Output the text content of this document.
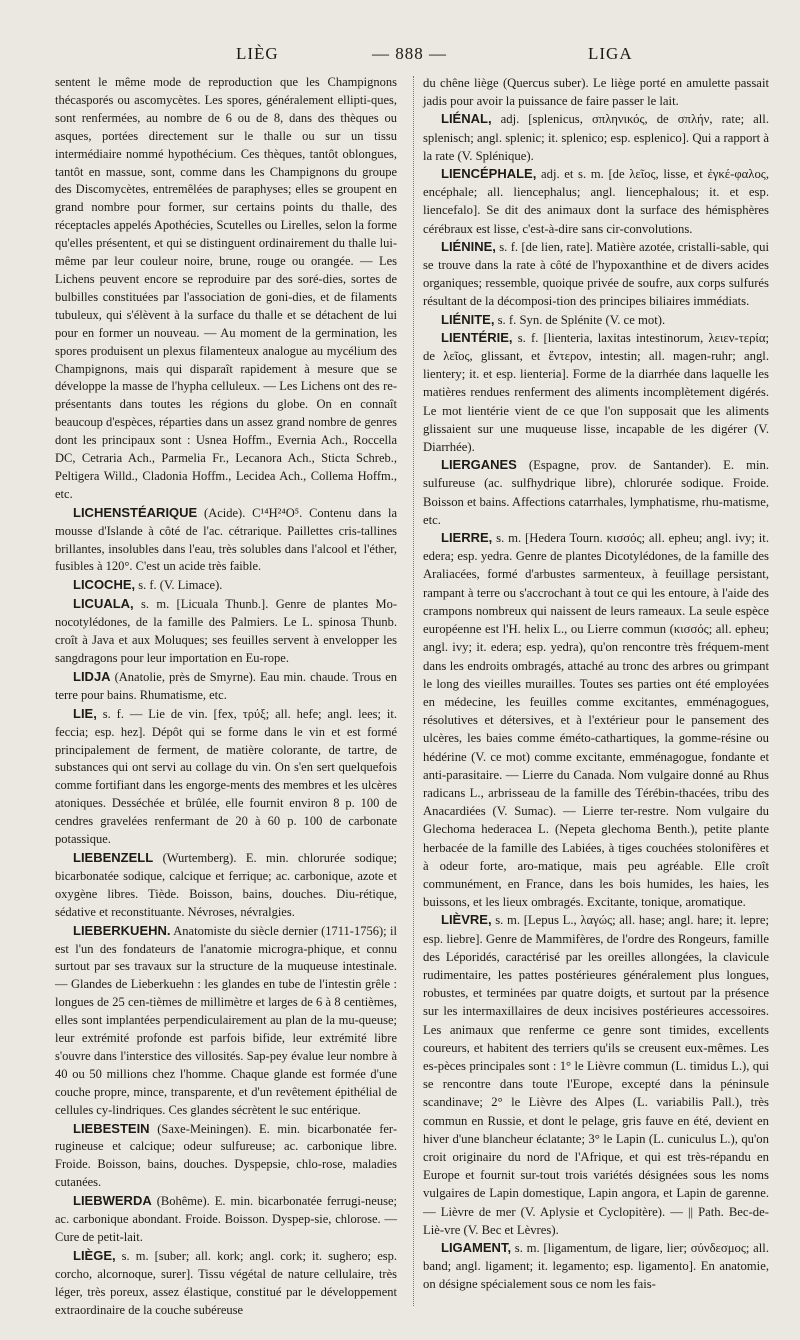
LIÈG	— 888 —	LIGA

sentent le même mode de reproduction que les Champignons thécasporés ou ascomycètes. Les spores, généralement ellipti-ques, sont renfermées, au nombre de 6 ou de 8, dans des thèques ou asques, portées directement sur le thalle ou sur un tissu intermédiaire nommé hypothécium. Ces thèques, tantôt oblongues, tantôt en massue, sont, comme dans les Champignons du groupe des Discomycètes, entremêlées de paraphyses; elles se groupent en grand nombre pour former, sur certains points du thalle, des réceptacles appelés Apothécies, Scutelles ou Lirelles, selon la forme qu'elles présentent, et qui se distinguent ordinairement du thalle lui-même par leur couleur noire, brune, rouge ou orangée. — Les Lichens peuvent encore se reproduire par des soré-dies, sortes de bulbilles constituées par l'association de goni-dies, et de filaments tubuleux, qui s'élèvent à la surface du thalle et se détachent de lui pour en former un nouveau. — Au moment de la germination, les spores produisent un plexus filamenteux analogue au mycélium des Champignons, mais qui disparaît rapidement à mesure que se développe la masse de l'hypha celluleux. — Les Lichens ont des re-présentants dans toutes les régions du globe. On en connaît beaucoup d'espèces, réparties dans un assez grand nombre de genres dont les principaux sont : Usnea Hoffm., Evernia Ach., Roccella DC, Cetraria Ach., Parmelia Fr., Lecanora Ach., Sticta Schreb., Peltigera Willd., Cladonia Hoffm., Lecidea Ach., Collema Hoffm., etc.

LICHENSTÉARIQUE (Acide). C¹⁴H²⁴O⁵. Contenu dans la mousse d'Islande à côté de l'ac. cétrarique. Paillettes cris-tallines brillantes, insolubles dans l'eau, très solubles dans l'alcool et l'éther, fusibles à 120°. C'est un acide très faible.

LICOCHE, s. f. (V. Limace).

LICUALA, s. m. [Licuala Thunb.]. Genre de plantes Mo-nocotylédones, de la famille des Palmiers. Le L. spinosa Thunb. croît à Java et aux Moluques; ses feuilles servent à envelopper les sangdragons pour leur importation en Eu-rope.

LIDJA (Anatolie, près de Smyrne). Eau min. chaude. Trous en terre pour bains. Rhumatisme, etc.

LIE, s. f. — Lie de vin. [fex, τρύξ; all. hefe; angl. lees; it. feccia; esp. hez]. Dépôt qui se forme dans le vin et est formé principalement de ferment, de matière colorante, de tartre, de substances qui ont servi au collage du vin. On s'en sert quelquefois comme fortifiant dans les engorge-ments des membres et les ulcères atoniques. Desséchée et brûlée, elle fournit environ 8 p. 100 de cendres gravelées renfermant de 20 à 60 p. 100 de carbonate potassique.

LIEBENZELL (Wurtemberg). E. min. chlorurée sodique; bicarbonatée sodique, calcique et ferrique; ac. carbonique, azote et oxygène libres. Tiède. Boisson, bains, douches. Diu-rétique, sédative et reconstituante. Névroses, névralgies.

LIEBERKUEHN. Anatomiste du siècle dernier (1711-1756); il est l'un des fondateurs de l'anatomie microgra-phique, et connu surtout par ses travaux sur la structure de la muqueuse intestinale. — Glandes de Lieberkuehn : les glandes en tube de l'intestin grêle : longues de 25 cen-tièmes de millimètre et larges de 6 à 8 centièmes, elles sont implantées perpendiculairement au plan de la mu-queuse; leur extrémité profonde est parfois bifide, leur extrémité libre s'ouvre dans l'interstice des villosités. Sap-pey évalue leur nombre à 40 ou 50 millions chez l'homme. Chaque glande est formée d'une couche propre, mince, transparente, et d'un revêtement épithélial de cellules cy-lindriques. Ces glandes sécrètent le suc entérique.

LIEBESTEIN (Saxe-Meiningen). E. min. bicarbonatée fer-rugineuse et calcique; odeur sulfureuse; ac. carbonique libre. Froide. Boisson, bains, douches. Dyspepsie, chlo-rose, maladies cutanées.

LIEBWERDA (Bohême). E. min. bicarbonatée ferrugi-neuse; ac. carbonique abondant. Froide. Boisson. Dyspep-sie, chlorose. — Cure de petit-lait.

LIÈGE, s. m. [suber; all. kork; angl. cork; it. sughero; esp. corcho, alcornoque, surer]. Tissu végétal de nature cellulaire, très léger, très poreux, assez élastique, constitué par le développement extraordinaire de la couche subéreuse

du chêne liège (Quercus suber). Le liège porté en amulette passait jadis pour avoir la puissance de faire passer le lait.

LIÉNAL, adj. [splenicus, σπληνικός, de σπλήν, rate; all. splenisch; angl. splenic; it. splenico; esp. esplenico]. Qui a rapport à la rate (V. Splénique).

LIENCÉPHALE, adj. et s. m. [de λεῖος, lisse, et ἐγκέ-φαλος, encéphale; all. liencephalus; angl. liencephalous; it. et esp. liencefalo]. Se dit des animaux dont la surface des hémisphères cérébraux est lisse, c'est-à-dire sans cir-convolutions.

LIÉNINE, s. f. [de lien, rate]. Matière azotée, cristalli-sable, qui se trouve dans la rate à côté de l'hypoxanthine et de divers acides organiques; ressemble, quoique privée de soufre, aux corps sulfurés résultant de la décomposi-tion des principes biliaires immédiats.

LIÉNITE, s. f. Syn. de Splénite (V. ce mot).

LIENTÉRIE, s. f. [lienteria, laxitas intestinorum, λειεν-τερία; de λεῖος, glissant, et ἔντερον, intestin; all. magen-ruhr; angl. lientery; it. et esp. lienteria]. Forme de la diarrhée dans laquelle les matières rendues renferment des aliments incomplètement digérés. Le mot lientérie vient de ce que l'on supposait que les aliments glissaient sur une muqueuse lisse, incapable de les digérer (V. Diarrhée).

LIERGANES (Espagne, prov. de Santander). E. min. sulfureuse (ac. sulfhydrique libre), chlorurée sodique. Froide. Boisson et bains. Affections catarrhales, lymphatisme, rhu-matisme, etc.

LIERRE, s. m. [Hedera Tourn. κισσός; all. epheu; angl. ivy; it. edera; esp. yedra. Genre de plantes Dicotylédones, de la famille des Araliacées, formé d'arbustes sarmenteux, à feuillage persistant, rampant à terre ou s'accrochant à tout ce qui les entoure, à l'aide des crampons nombreux qui naissent de leurs rameaux. La seule espèce européenne est l'H. helix L., ou Lierre commun (κισσός; all. epheu; angl. ivy; it. edera; esp. yedra), qu'on rencontre très fréquem-ment dans les endroits ombragés, attaché au tronc des arbres ou grimpant le long des vieilles murailles. Toutes ses parties ont été employées en médecine, les feuilles comme excitantes, emménagogues, résolutives et détersives, et à l'extérieur pour le pansement des ulcères, les baies comme éméto-cathartiques, la gomme-résine ou hédérine (V. ce mot) comme excitante, emménagogue, fondante et anti-parasitaire. — Lierre du Canada. Nom vulgaire donné au Rhus radicans L., arbrisseau de la famille des Térébin-thacées, tribu des Anacardiées (V. Sumac). — Lierre ter-restre. Nom vulgaire du Glechoma hederacea L. (Nepeta glechoma Benth.), petite plante herbacée de la famille des Labiées, à tiges couchées stolonifères et à odeur forte, aro-matique, mais peu agréable. Elle croît communément, en France, dans les bois humides, les haies, les buissons, et les lieux ombragés. Excitante, tonique, aromatique.

LIÈVRE, s. m. [Lepus L., λαγώς; all. hase; angl. hare; it. lepre; esp. liebre]. Genre de Mammifères, de l'ordre des Rongeurs, famille des Léporidés, caractérisé par les oreilles allongées, la clavicule rudimentaire, les pattes postérieures généralement plus longues, robustes, et terminées par quatre doigts, et surtout par la présence sur les intermaxillaires de deux incisives postérieures accessoires. Les animaux que renferme ce genre sont timides, excellents coureurs, et habitent des terriers qu'ils se creusent eux-mêmes. Les es-pèces principales sont : 1° le Lièvre commun (L. timidus L.), qui se rencontre dans toute l'Europe, excepté dans la péninsule scandinave; 2° le Lièvre des Alpes (L. variabilis Pall.), très commun en Russie, et dont le pelage, gris fauve en été, devient en hiver d'une blancheur éclatante; 3° le Lapin (L. cuniculus L.), qu'on croit originaire du nord de l'Afrique, et qui est très-répandu en Europe et fournit sur-tout trois variétés désignées sous les noms vulgaires de Lapin domestique, Lapin angora, et Lapin de garenne. — Lièvre de mer (V. Aplysie et Cyclopitère). — || Path. Bec-de-Liè-vre (V. Bec et Lèvres).

LIGAMENT, s. m. [ligamentum, de ligare, lier; σύνδεσμος; all. band; angl. ligament; it. legamento; esp. ligamento]. En anatomie, on désigne spécialement sous ce nom les fais-
